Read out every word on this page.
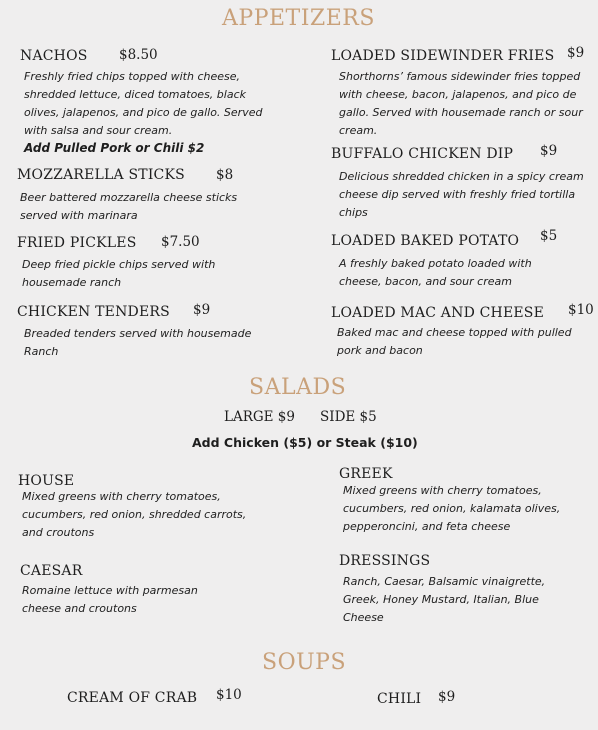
APPETIZERS
NACHOS $8.50
Freshly fried chips topped with cheese, shredded lettuce, diced tomatoes, black olives, jalapenos, and pico de gallo. Served with salsa and sour cream.
Add Pulled Pork or Chili $2
MOZZARELLA STICKS $8
Beer battered mozzarella cheese sticks served with marinara
FRIED PICKLES $7.50
Deep fried pickle chips served with housemade ranch
CHICKEN TENDERS $9
Breaded tenders served with housemade Ranch
LOADED SIDEWINDER FRIES $9
Shorthorns’ famous sidewinder fries topped with cheese, bacon, jalapenos, and pico de gallo. Served with housemade ranch or sour cream.
BUFFALO CHICKEN DIP $9
Delicious shredded chicken in a spicy cream cheese dip served with freshly fried tortilla chips
LOADED BAKED POTATO $5
A freshly baked potato loaded with cheese, bacon, and sour cream
LOADED MAC AND CHEESE $10
Baked mac and cheese topped with pulled pork and bacon
SALADS
LARGE $9 SIDE $5
Add Chicken ($5) or Steak ($10)
HOUSE
Mixed greens with cherry tomatoes, cucumbers, red onion, shredded carrots, and croutons
CAESAR
Romaine lettuce with parmesan cheese and croutons
GREEK
Mixed greens with cherry tomatoes, cucumbers, red onion, kalamata olives, pepperoncini, and feta cheese
DRESSINGS
Ranch, Caesar, Balsamic vinaigrette, Greek, Honey Mustard, Italian, Blue Cheese
SOUPS
CREAM OF CRAB $10	CHILI $9
